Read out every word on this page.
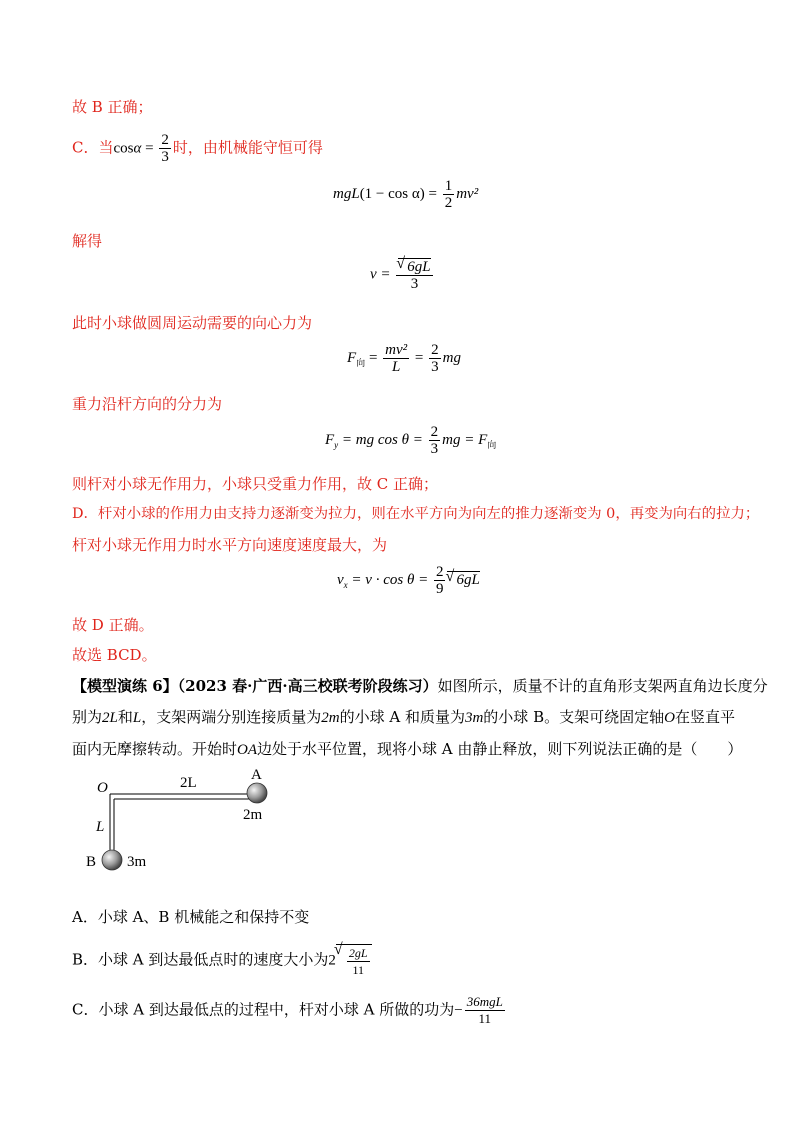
故 B 正确；
C．当$\cos\alpha = \frac{2}{3}$ 时，由机械能守恒可得
$mgL(1 - \cos \alpha) = \frac{1}{2} mv^2$
解得
v = √ $\frac{6gL}{3}$
此时小球做圆周运动需要的向心力为
$F_向 = \frac{\text{mv²}}{L} = \frac{2}{3}$ mg
重力沿杆方向的分力为
$F_y$ = mg $\cos \theta = \frac{2}{3}$ mg = $F_向$
则杆对小球无作用力，小球只受重力作用，故 C 正确；
D．杆对小球的作用力由支持力逐渐变为拉力，则在水平方向为向左的推力逐渐变为 0，再变为向右的拉力；
杆对小球无作用力时水平方向速度速度最大，为
$v_x = v \cdot \cos \theta = \frac{2}{9}$ √ 6gL
故 D 正确。
故选 BCD。
【模型演练 6】（2023 春·广西·高三校联考阶段练习）如图所示，质量不计的直角形支架两直角边长度分
别为2L和L，支架两端分别连接质量为2m的小球 A 和质量为3m的小球 B。支架可绕固定轴O在竖直平
面内无摩擦转动。开始时OA边处于水平位置，现将小球 A 由静止释放，则下列说法正确的是（　　）
O	2L	A
2m
L
B 3m
A．小球 A、B 机械能之和保持不变
B．小球 A 到达最低点时的速度大小为2 √ $\frac{2gL}{11}$
C．小球 A 到达最低点的过程中，杆对小球 A 所做的功为− $\frac{\text{36mgL}}{11}$
